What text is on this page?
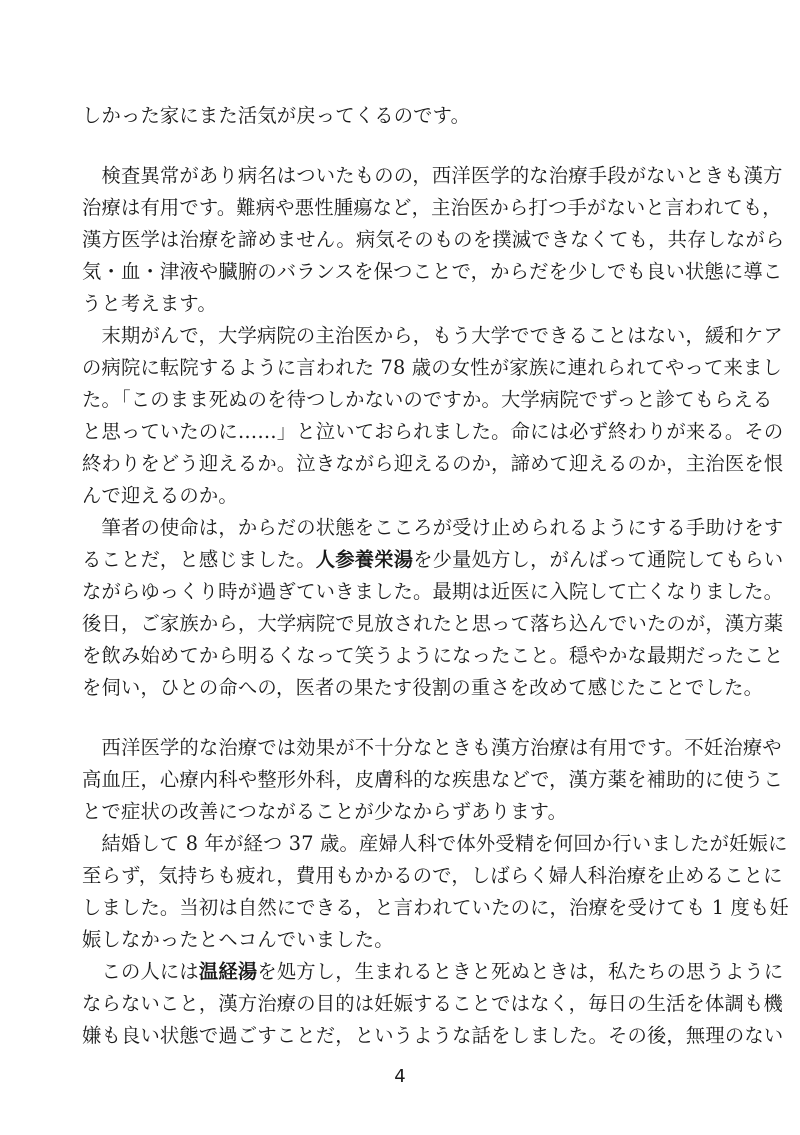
しかった家にまた活気が戻ってくるのです。
　検査異常があり病名はついたものの，西洋医学的な治療手段がないときも漢方
治療は有用です。難病や悪性腫瘍など，主治医から打つ手がないと言われても，
漢方医学は治療を諦めません。病気そのものを撲滅できなくても，共存しながら
気・血・津液や臓腑のバランスを保つことで，からだを少しでも良い状態に導こ
うと考えます。
　末期がんで，大学病院の主治医から，もう大学でできることはない，緩和ケア
の病院に転院するように言われた 78 歳の女性が家族に連れられてやって来まし
た。「このまま死ぬのを待つしかないのですか。大学病院でずっと診てもらえる
と思っていたのに……」と泣いておられました。命には必ず終わりが来る。その
終わりをどう迎えるか。泣きながら迎えるのか，諦めて迎えるのか，主治医を恨
んで迎えるのか。
　筆者の使命は，からだの状態をこころが受け止められるようにする手助けをす
ることだ，と感じました。人参養栄湯を少量処方し，がんばって通院してもらい
ながらゆっくり時が過ぎていきました。最期は近医に入院して亡くなりました。
後日，ご家族から，大学病院で見放されたと思って落ち込んでいたのが，漢方薬
を飲み始めてから明るくなって笑うようになったこと。穏やかな最期だったこと
を伺い，ひとの命への，医者の果たす役割の重さを改めて感じたことでした。
　西洋医学的な治療では効果が不十分なときも漢方治療は有用です。不妊治療や
高血圧，心療内科や整形外科，皮膚科的な疾患などで，漢方薬を補助的に使うこ
とで症状の改善につながることが少なからずあります。
　結婚して 8 年が経つ 37 歳。産婦人科で体外受精を何回か行いましたが妊娠に
至らず，気持ちも疲れ，費用もかかるので，しばらく婦人科治療を止めることに
しました。当初は自然にできる，と言われていたのに，治療を受けても 1 度も妊
娠しなかったとヘコんでいました。
　この人には温経湯を処方し，生まれるときと死ぬときは，私たちの思うように
ならないこと，漢方治療の目的は妊娠することではなく，毎日の生活を体調も機
嫌も良い状態で過ごすことだ，というような話をしました。その後，無理のない
4
